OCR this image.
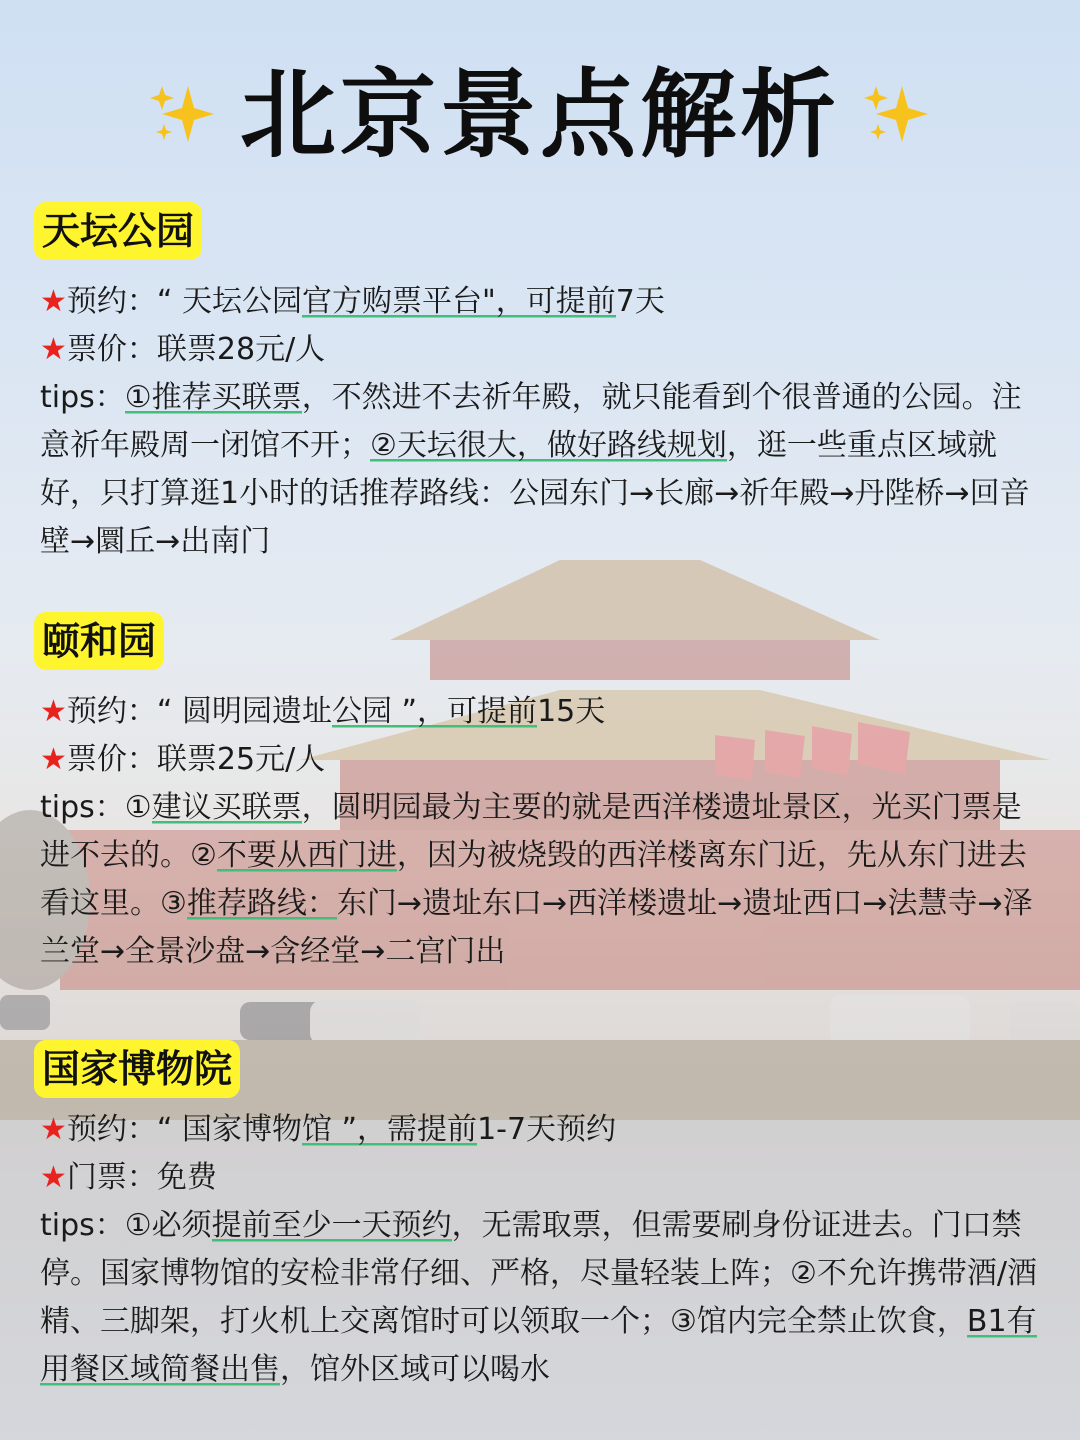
北京景点解析
天坛公园
★预约：“ 天坛公园官方购票平台"，可提前7天
★票价：联票28元/人
tips：①推荐买联票，不然进不去祈年殿，就只能看到个很普通的公园。注意祈年殿周一闭馆不开；②天坛很大，做好路线规划，逛一些重点区域就好，只打算逛1小时的话推荐路线：公园东门→长廊→祈年殿→丹陛桥→回音壁→圜丘→出南门
颐和园
★预约：“ 圆明园遗址公园 ”，可提前15天
★票价：联票25元/人
tips：①建议买联票，圆明园最为主要的就是西洋楼遗址景区，光买门票是进不去的。②不要从西门进，因为被烧毁的西洋楼离东门近，先从东门进去看这里。③推荐路线：东门→遗址东口→西洋楼遗址→遗址西口→法慧寺→泽兰堂→全景沙盘→含经堂→二宫门出
国家博物院
★预约：“ 国家博物馆 ”，需提前1-7天预约
★门票：免费
tips：①必须提前至少一天预约，无需取票，但需要刷身份证进去。门口禁停。国家博物馆的安检非常仔细、严格，尽量轻装上阵；②不允许携带酒/酒精、三脚架，打火机上交离馆时可以领取一个；③馆内完全禁止饮食，B1有用餐区域简餐出售，馆外区域可以喝水
